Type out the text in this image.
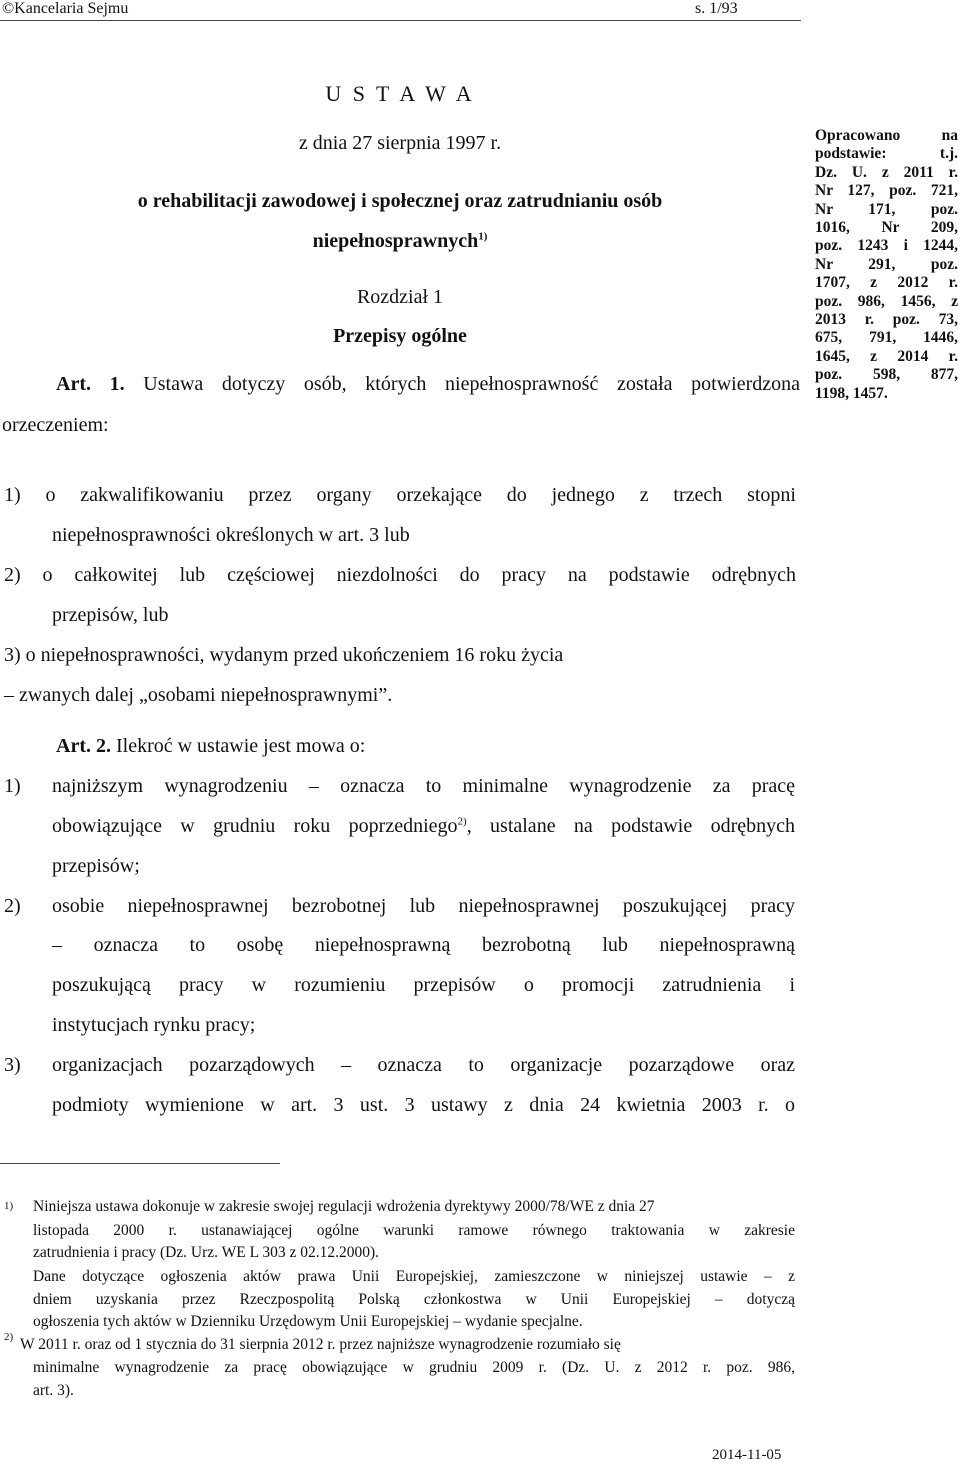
©Kancelaria Sejmu	s. 1/93
U S T A W A
z dnia 27 sierpnia 1997 r.
o rehabilitacji zawodowej i społecznej oraz zatrudnianiu osób
niepełnosprawnych$^{1)}$
Rozdział 1
Przepisy ogólne
Opracowano na
podstawie: t.j.
Dz. U. z 2011 r.
Nr 127, poz. 721,
Nr 171, poz.
1016, Nr 209,
poz. 1243 i 1244,
Nr 291, poz.
1707, z 2012 r.
poz. 986, 1456, z
2013 r. poz. 73,
675, 791, 1446,
1645, z 2014 r.
poz. 598, 877,
1198, 1457.
Art. 1. Ustawa dotyczy osób, których niepełnosprawność została potwierdzona
orzeczeniem:
1) o zakwalifikowaniu przez organy orzekające do jednego z trzech stopni
niepełnosprawności określonych w art. 3 lub
2) o całkowitej lub częściowej niezdolności do pracy na podstawie odrębnych
przepisów, lub
3) o niepełnosprawności, wydanym przed ukończeniem 16 roku życia
– zwanych dalej „osobami niepełnosprawnymi”.
Art. 2. Ilekroć w ustawie jest mowa o:
1) najniższym wynagrodzeniu – oznacza to minimalne wynagrodzenie za pracę
obowiązujące w grudniu roku poprzedniego$^{2)}$, ustalane na podstawie odrębnych
przepisów;
2) osobie niepełnosprawnej bezrobotnej lub niepełnosprawnej poszukującej pracy
– oznacza to osobę niepełnosprawną bezrobotną lub niepełnosprawną
poszukującą pracy w rozumieniu przepisów o promocji zatrudnienia i
instytucjach rynku pracy;
3) organizacjach pozarządowych – oznacza to organizacje pozarządowe oraz
podmioty wymienione w art. 3 ust. 3 ustawy z dnia 24 kwietnia 2003 r. o
1) Niniejsza ustawa dokonuje w zakresie swojej regulacji wdrożenia dyrektywy 2000/78/WE z dnia 27
listopada 2000 r. ustanawiającej ogólne warunki ramowe równego traktowania w zakresie
zatrudnienia i pracy (Dz. Urz. WE L 303 z 02.12.2000).
Dane dotyczące ogłoszenia aktów prawa Unii Europejskiej, zamieszczone w niniejszej ustawie – z
dniem uzyskania przez Rzeczpospolitą Polską członkostwa w Unii Europejskiej – dotyczą
ogłoszenia tych aktów w Dzienniku Urzędowym Unii Europejskiej – wydanie specjalne.
2) W 2011 r. oraz od 1 stycznia do 31 sierpnia 2012 r. przez najniższe wynagrodzenie rozumiało się
minimalne wynagrodzenie za pracę obowiązujące w grudniu 2009 r. (Dz. U. z 2012 r. poz. 986,
art. 3).
2014-11-05
